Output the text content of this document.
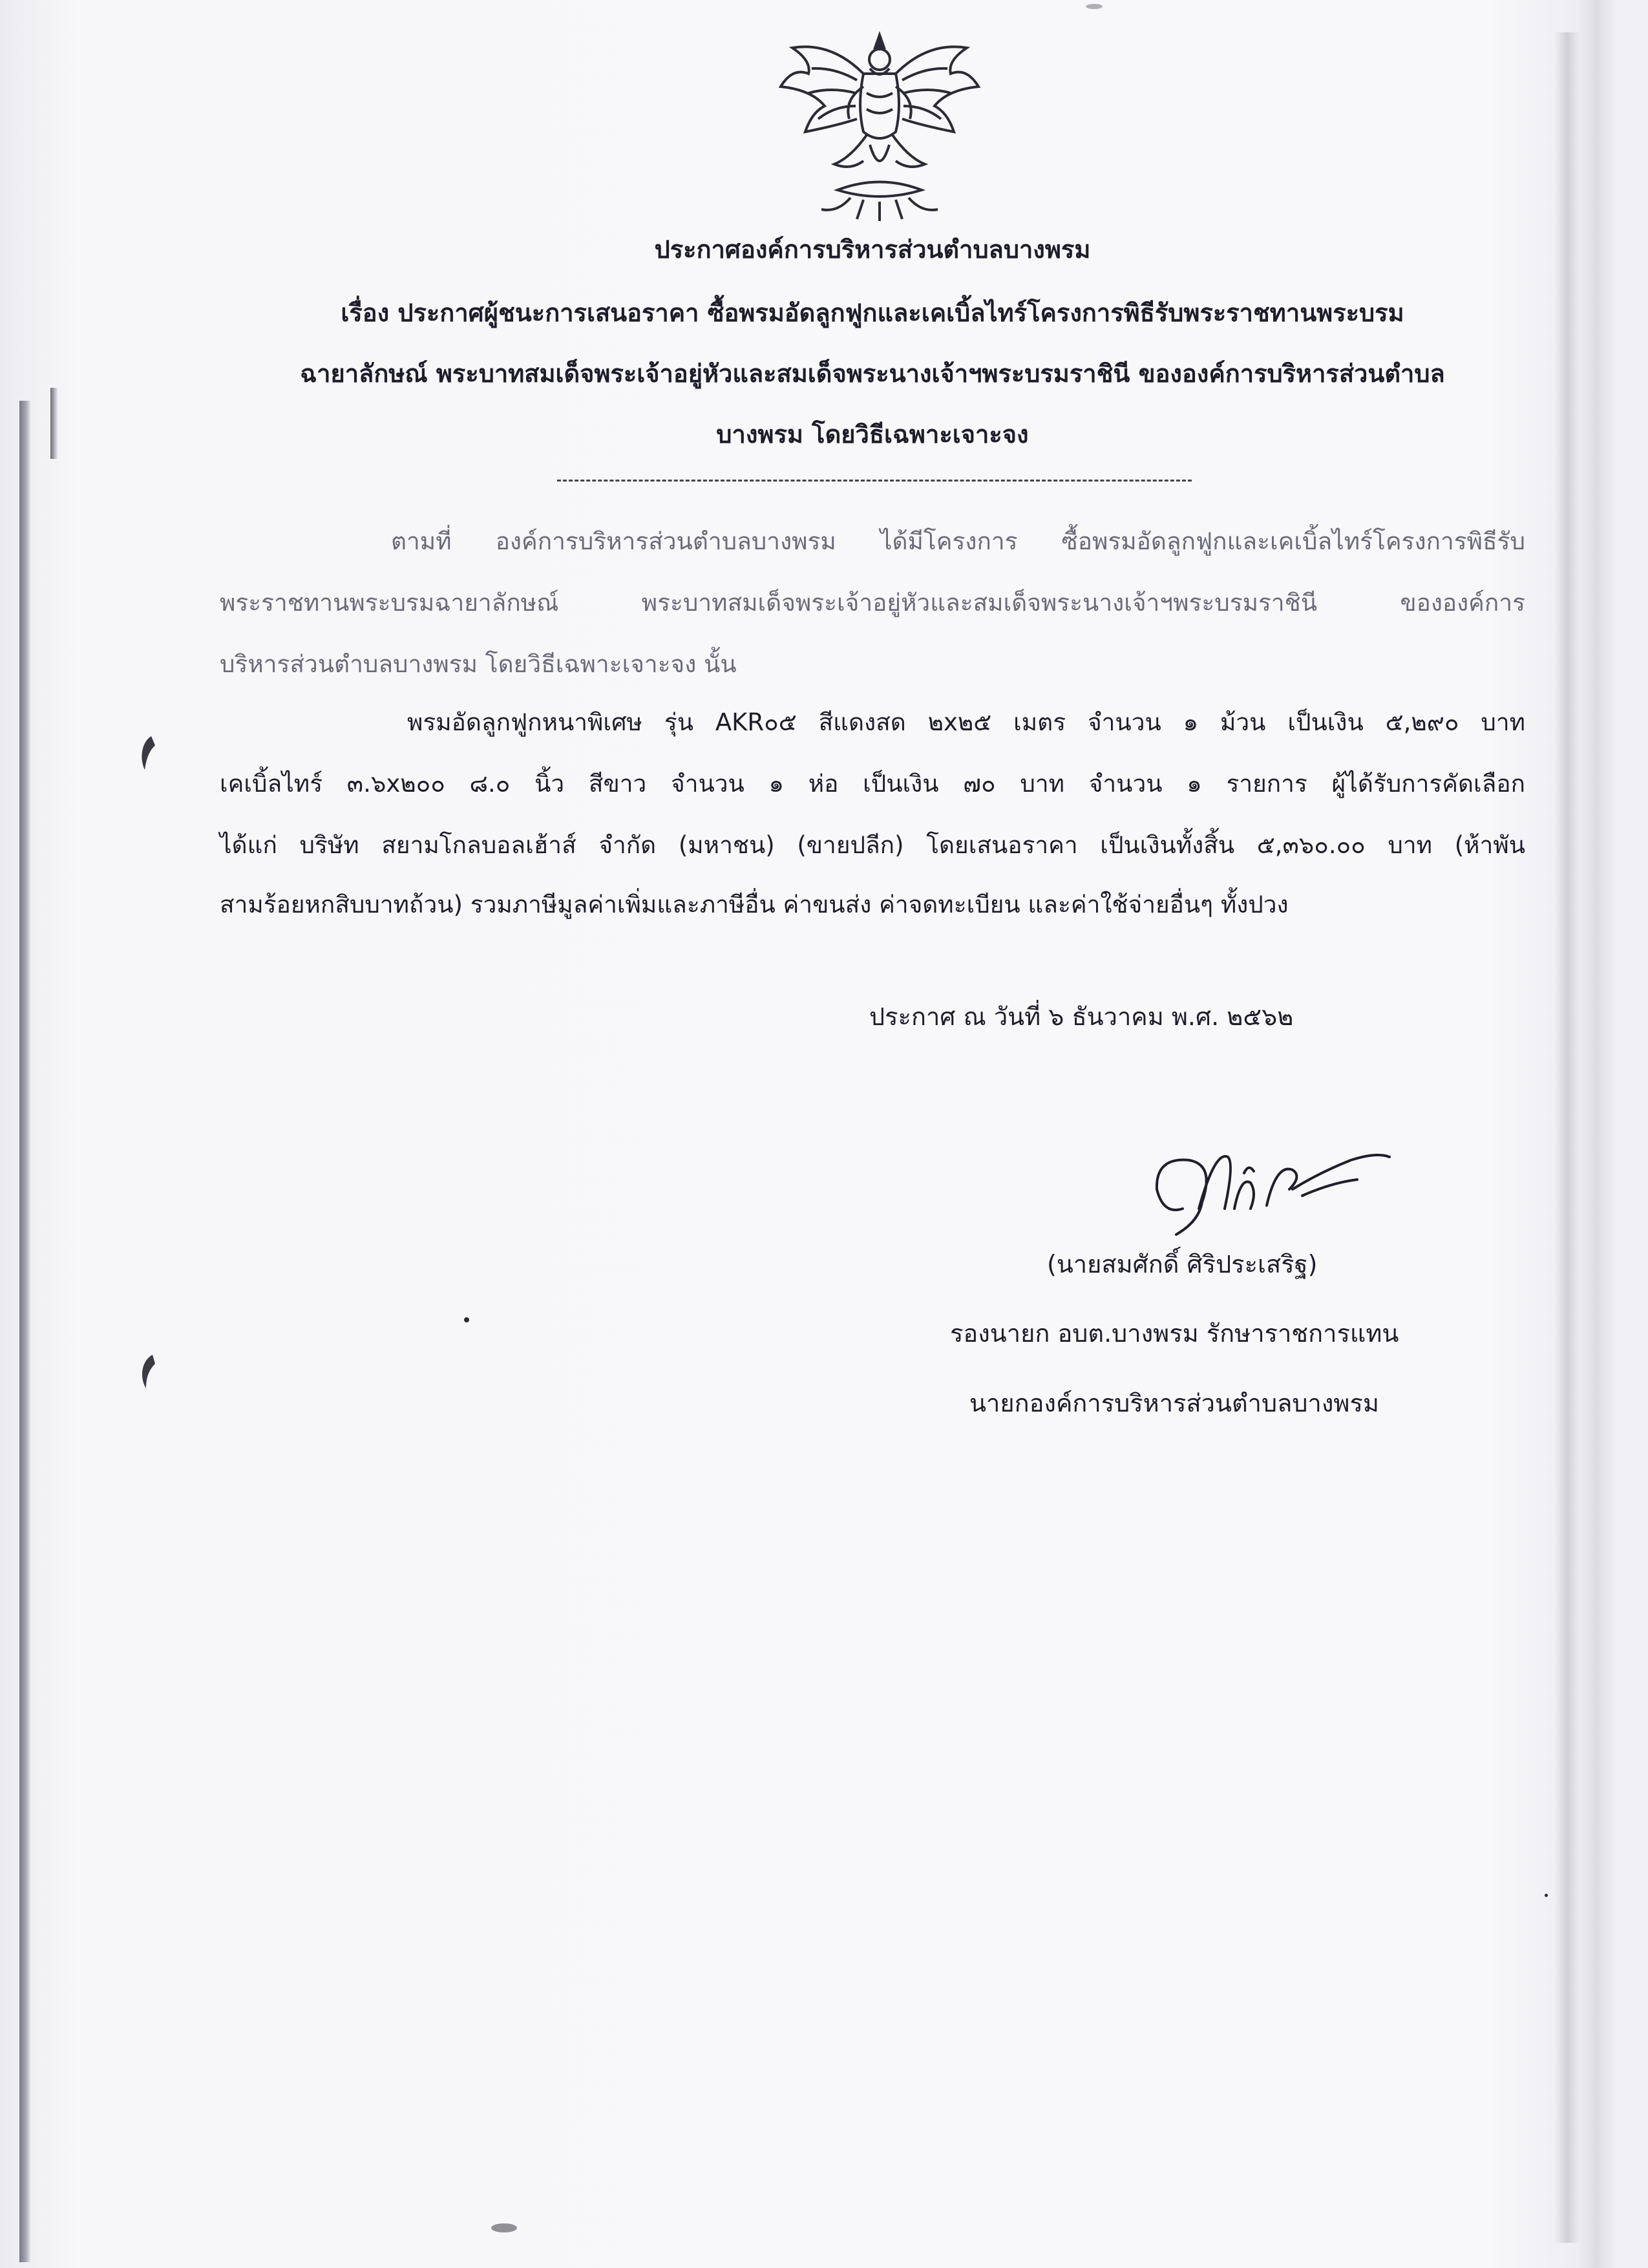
ประกาศองค์การบริหารส่วนตำบลบางพรม
เรื่อง ประกาศผู้ชนะการเสนอราคา ซื้อพรมอัดลูกฟูกและเคเบิ้ลไทร์โครงการพิธีรับพระราชทานพระบรม
ฉายาลักษณ์ พระบาทสมเด็จพระเจ้าอยู่หัวและสมเด็จพระนางเจ้าฯพระบรมราชินี ขององค์การบริหารส่วนตำบล
บางพรม โดยวิธีเฉพาะเจาะจง
ตามที่ องค์การบริหารส่วนตำบลบางพรม ได้มีโครงการ ซื้อพรมอัดลูกฟูกและเคเบิ้ลไทร์โครงการพิธีรับ
พระราชทานพระบรมฉายาลักษณ์ พระบาทสมเด็จพระเจ้าอยู่หัวและสมเด็จพระนางเจ้าฯพระบรมราชินี ขององค์การ
บริหารส่วนตำบลบางพรม โดยวิธีเฉพาะเจาะจง นั้น
พรมอัดลูกฟูกหนาพิเศษ รุ่น AKR๐๕ สีแดงสด ๒x๒๕ เมตร จำนวน ๑ ม้วน เป็นเงิน ๕,๒๙๐ บาท
เคเบิ้ลไทร์ ๓.๖x๒๐๐ ๘.๐ นิ้ว สีขาว จำนวน ๑ ห่อ เป็นเงิน ๗๐ บาท จำนวน ๑ รายการ ผู้ได้รับการคัดเลือก
ได้แก่ บริษัท สยามโกลบอลเฮ้าส์ จำกัด (มหาชน) (ขายปลีก) โดยเสนอราคา เป็นเงินทั้งสิ้น ๕,๓๖๐.๐๐ บาท (ห้าพัน
สามร้อยหกสิบบาทถ้วน) รวมภาษีมูลค่าเพิ่มและภาษีอื่น ค่าขนส่ง ค่าจดทะเบียน และค่าใช้จ่ายอื่นๆ ทั้งปวง
ประกาศ ณ วันที่ ๖ ธันวาคม พ.ศ. ๒๕๖๒
(นายสมศักดิ์ ศิริประเสริฐ)
รองนายก อบต.บางพรม รักษาราชการแทน
นายกองค์การบริหารส่วนตำบลบางพรม
